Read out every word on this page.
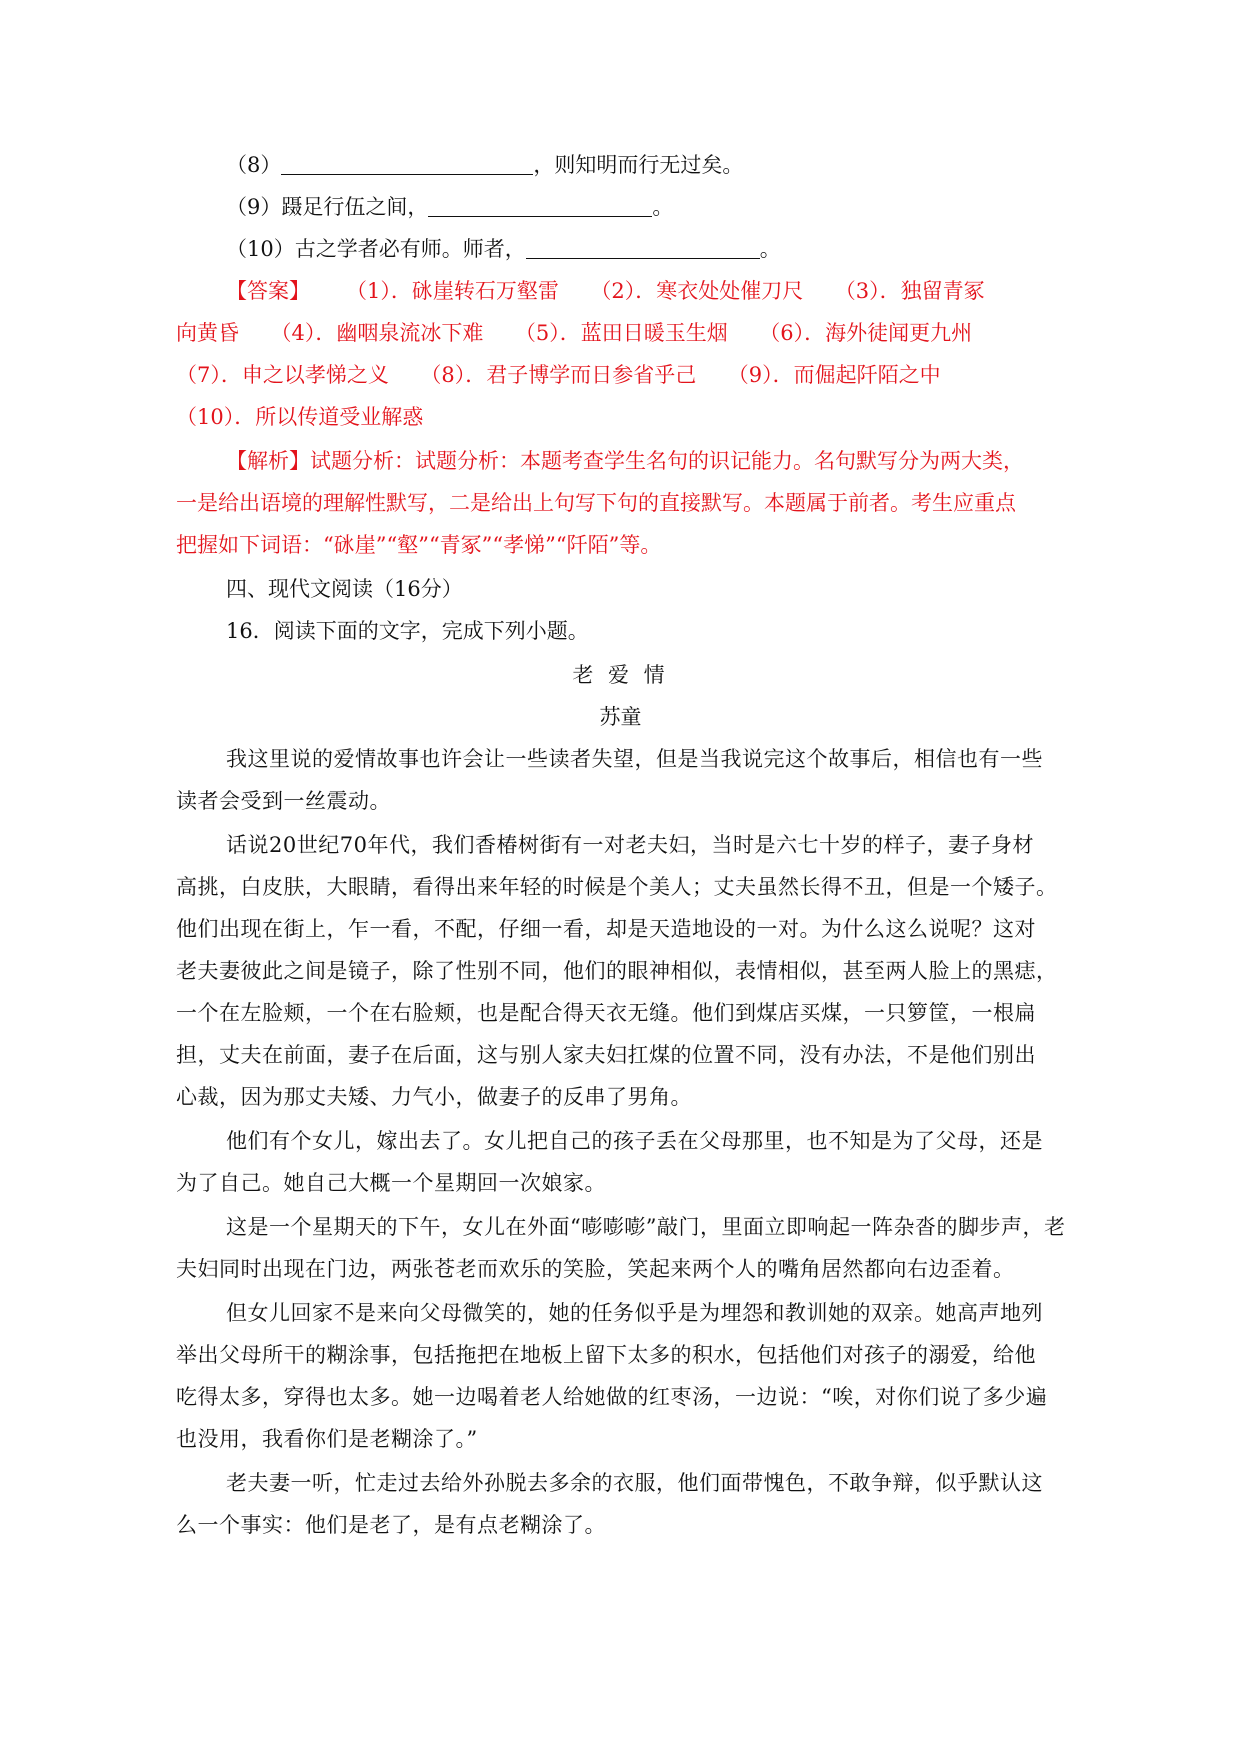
（8）	，则知明而行无过矣。
（9）蹑足行伍之间，	。
（10）古之学者必有师。师者，	。
【答案】 （1）．砯崖转石万壑雷　　（2）．寒衣处处催刀尺　　（3）．独留青冢
向黄昏　　（4）．幽咽泉流冰下难　　（5）．蓝田日暖玉生烟　　（6）．海外徒闻更九州
（7）．申之以孝悌之义　　（8）．君子博学而日参省乎己　　（9）．而倔起阡陌之中
（10）．所以传道受业解惑
【解析】试题分析：试题分析：本题考查学生名句的识记能力。名句默写分为两大类，
一是给出语境的理解性默写，二是给出上句写下句的直接默写。本题属于前者。考生应重点
把握如下词语：“砯崖”“壑”“青冢”“孝悌”“阡陌”等。
四、现代文阅读（16分）
16．阅读下面的文字，完成下列小题。
老 爱 情
苏童
我这里说的爱情故事也许会让一些读者失望，但是当我说完这个故事后，相信也有一些
读者会受到一丝震动。
话说20世纪70年代，我们香椿树街有一对老夫妇，当时是六七十岁的样子，妻子身材
高挑，白皮肤，大眼睛，看得出来年轻的时候是个美人；丈夫虽然长得不丑，但是一个矮子。
他们出现在街上，乍一看，不配，仔细一看，却是天造地设的一对。为什么这么说呢？这对
老夫妻彼此之间是镜子，除了性别不同，他们的眼神相似，表情相似，甚至两人脸上的黑痣，
一个在左脸颊，一个在右脸颊，也是配合得天衣无缝。他们到煤店买煤，一只箩筐，一根扁
担，丈夫在前面，妻子在后面，这与别人家夫妇扛煤的位置不同，没有办法，不是他们别出
心裁，因为那丈夫矮、力气小，做妻子的反串了男角。
他们有个女儿，嫁出去了。女儿把自己的孩子丢在父母那里，也不知是为了父母，还是
为了自己。她自己大概一个星期回一次娘家。
这是一个星期天的下午，女儿在外面“嘭嘭嘭”敲门，里面立即响起一阵杂沓的脚步声，老
夫妇同时出现在门边，两张苍老而欢乐的笑脸，笑起来两个人的嘴角居然都向右边歪着。
但女儿回家不是来向父母微笑的，她的任务似乎是为埋怨和教训她的双亲。她高声地列
举出父母所干的糊涂事，包括拖把在地板上留下太多的积水，包括他们对孩子的溺爱，给他
吃得太多，穿得也太多。她一边喝着老人给她做的红枣汤，一边说：“唉，对你们说了多少遍
也没用，我看你们是老糊涂了。”
老夫妻一听，忙走过去给外孙脱去多余的衣服，他们面带愧色，不敢争辩，似乎默认这
么一个事实：他们是老了，是有点老糊涂了。
